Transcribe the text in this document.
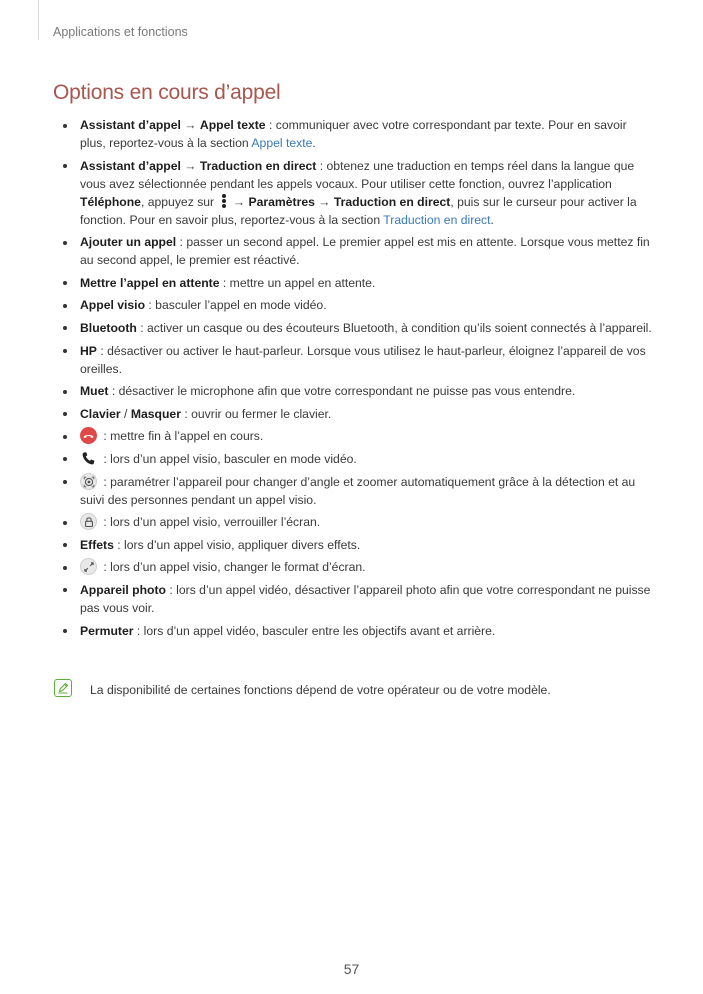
Applications et fonctions
Options en cours d’appel
Assistant d’appel → Appel texte : communiquer avec votre correspondant par texte. Pour en savoir plus, reportez-vous à la section Appel texte.
Assistant d’appel → Traduction en direct : obtenez une traduction en temps réel dans la langue que vous avez sélectionnée pendant les appels vocaux. Pour utiliser cette fonction, ouvrez l’application Téléphone, appuyez sur
→ Paramètres → Traduction en direct, puis sur le curseur pour activer la fonction. Pour en savoir plus, reportez-vous à la section Traduction en direct.
Ajouter un appel : passer un second appel. Le premier appel est mis en attente. Lorsque vous mettez fin au second appel, le premier est réactivé.
Mettre l’appel en attente : mettre un appel en attente.
Appel visio : basculer l’appel en mode vidéo.
Bluetooth : activer un casque ou des écouteurs Bluetooth, à condition qu’ils soient connectés à l’appareil.
HP : désactiver ou activer le haut-parleur. Lorsque vous utilisez le haut-parleur, éloignez l’appareil de vos oreilles.
Muet : désactiver le microphone afin que votre correspondant ne puisse pas vous entendre.
Clavier / Masquer : ouvrir ou fermer le clavier.
: mettre fin à l’appel en cours.
: lors d’un appel visio, basculer en mode vidéo.
: paramétrer l’appareil pour changer d’angle et zoomer automatiquement grâce à la détection et au suivi des personnes pendant un appel visio.
: lors d’un appel visio, verrouiller l’écran.
Effets : lors d’un appel visio, appliquer divers effets.
: lors d’un appel visio, changer le format d’écran.
Appareil photo : lors d’un appel vidéo, désactiver l’appareil photo afin que votre correspondant ne puisse pas vous voir.
Permuter : lors d’un appel vidéo, basculer entre les objectifs avant et arrière.
La disponibilité de certaines fonctions dépend de votre opérateur ou de votre modèle.
57
